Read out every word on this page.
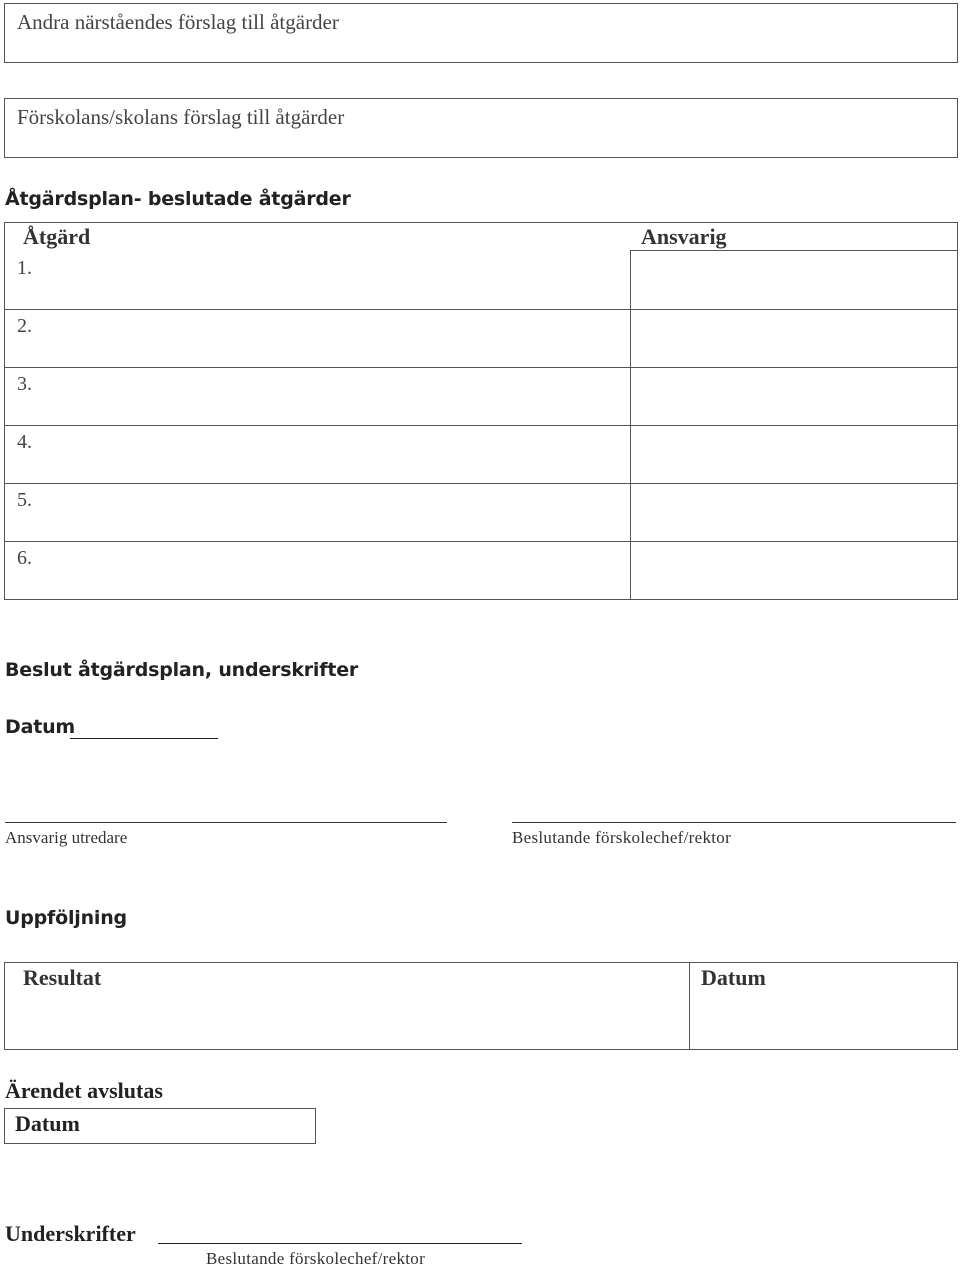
Andra närståendes förslag till åtgärder
Förskolans/skolans förslag till åtgärder
Åtgärdsplan- beslutade åtgärder
Åtgärd	Ansvarig
1.
2.
3.
4.
5.
6.
Beslut åtgärdsplan, underskrifter
Datum
Ansvarig utredare	Beslutande förskolechef/rektor
Uppföljning
Resultat	Datum
Ärendet avslutas
Datum
Underskrifter
Beslutande förskolechef/rektor
